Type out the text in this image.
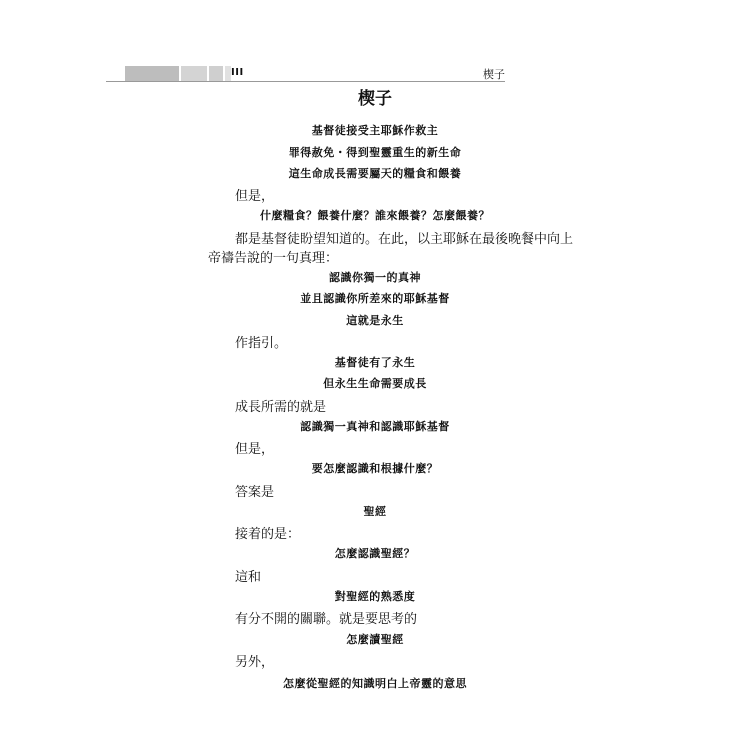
III	楔子
楔子
基督徒接受主耶穌作救主
罪得赦免・得到聖靈重生的新生命
這生命成長需要屬天的糧食和餵養
但是，
什麼糧食？餵養什麼？誰來餵養？怎麼餵養？
都是基督徒盼望知道的。在此，以主耶穌在最後晚餐中向上
帝禱告說的一句真理：
認識你獨一的真神
並且認識你所差來的耶穌基督
這就是永生
作指引。
基督徒有了永生
但永生生命需要成長
成長所需的就是
認識獨一真神和認識耶穌基督
但是，
要怎麼認識和根據什麼？
答案是
聖經
接着的是：
怎麼認識聖經？
這和
對聖經的熟悉度
有分不開的關聯。就是要思考的
怎麼讀聖經
另外，
怎麼從聖經的知識明白上帝靈的意思
